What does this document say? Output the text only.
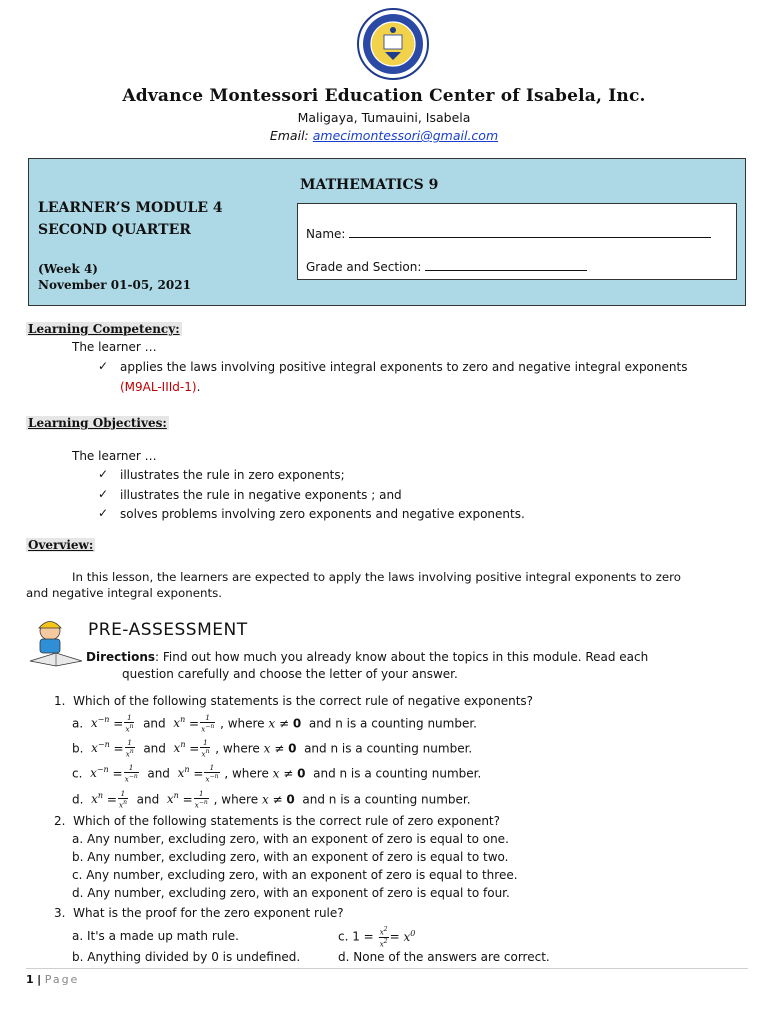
Advance Montessori Education Center of Isabela, Inc.
Maligaya, Tumauini, Isabela
Email: amecimontessori@gmail.com
LEARNER’S MODULE 4
SECOND QUARTER
(Week 4)
November 01-05, 2021
MATHEMATICS 9
Name:
Grade and Section:
Learning Competency:
The learner …
✓ applies the laws involving positive integral exponents to zero and negative integral exponents
(M9AL-IIId-1).
Learning Objectives:
The learner …
✓ illustrates the rule in zero exponents;
✓ illustrates the rule in negative exponents ; and
✓ solves problems involving zero exponents and negative exponents.
Overview:
In this lesson, the learners are expected to apply the laws involving positive integral exponents to zero
and negative integral exponents.
PRE-ASSESSMENT
Directions: Find out how much you already know about the topics in this module. Read each
question carefully and choose the letter of your answer.
1.  Which of the following statements is the correct rule of negative exponents?
a. $x^{-n} = \frac{1}{x^n}$ and  $x^n = \frac{1}{x^{-n}}$ , where x ≠ 0 and n is a counting number.
b. $x^{-n} = \frac{1}{x^n}$ and  $x^n = \frac{1}{x^n}$ , where x ≠ 0 and n is a counting number.
c. $x^{-n} = \frac{1}{x^{-n}}$ and  $x^n = \frac{1}{x^{-n}}$ , where x ≠ 0 and n is a counting number.
d. $x^n = \frac{1}{x^n}$ and  $x^n = \frac{1}{x^{-n}}$ , where x ≠ 0 and n is a counting number.
2.  Which of the following statements is the correct rule of zero exponent?
a. Any number, excluding zero, with an exponent of zero is equal to one.
b. Any number, excluding zero, with an exponent of zero is equal to two.
c. Any number, excluding zero, with an exponent of zero is equal to three.
d. Any number, excluding zero, with an exponent of zero is equal to four.
3.  What is the proof for the zero exponent rule?
a. It's a made up math rule.	c. $1 = \frac{x^2}{x^2} = x^0$
b. Anything divided by 0 is undefined.	d. None of the answers are correct.
1 | Page
